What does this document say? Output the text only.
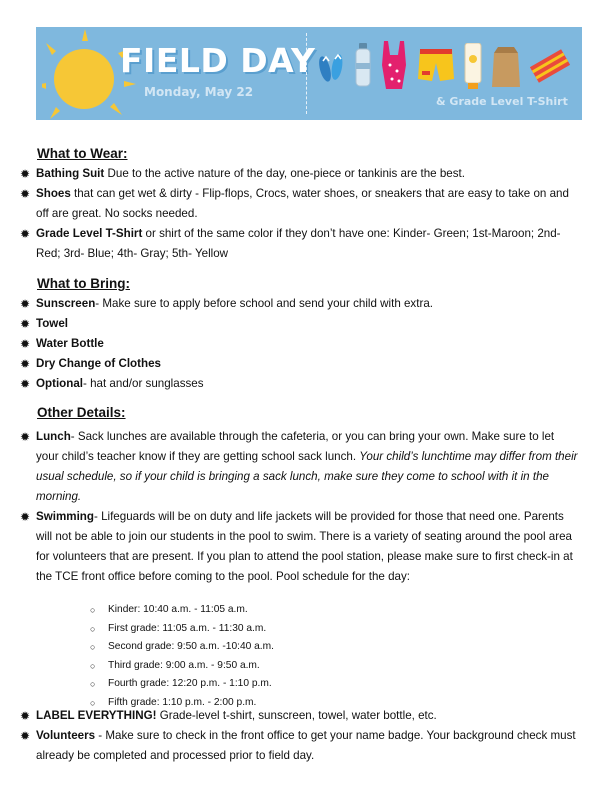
FIELD DAY
Monday, May 22
& Grade Level T-Shirt
What to Wear:
✹ Bathing Suit Due to the active nature of the day, one-piece or tankinis are the best.
✹ Shoes that can get wet & dirty - Flip-flops, Crocs, water shoes, or sneakers that are easy to take on and off are great. No socks needed.
✹ Grade Level T-Shirt or shirt of the same color if they don’t have one: Kinder- Green; 1st-Maroon; 2nd- Red; 3rd- Blue; 4th- Gray; 5th- Yellow
What to Bring:
✹ Sunscreen- Make sure to apply before school and send your child with extra.
✹ Towel
✹ Water Bottle
✹ Dry Change of Clothes
✹ Optional- hat and/or sunglasses
Other Details:
✹ Lunch- Sack lunches are available through the cafeteria, or you can bring your own. Make sure to let your child’s teacher know if they are getting school sack lunch. Your child’s lunchtime may differ from their usual schedule, so if your child is bringing a sack lunch, make sure they come to school with it in the morning.
✹ Swimming- Lifeguards will be on duty and life jackets will be provided for those that need one. Parents will not be able to join our students in the pool to swim. There is a variety of seating around the pool area for volunteers that are present. If you plan to attend the pool station, please make sure to first check-in at the TCE front office before coming to the pool. Pool schedule for the day:
○ Kinder: 10:40 a.m. - 11:05 a.m.
○ First grade: 11:05 a.m. - 11:30 a.m.
○ Second grade: 9:50 a.m. -10:40 a.m.
○ Third grade: 9:00 a.m. - 9:50 a.m.
○ Fourth grade: 12:20 p.m. - 1:10 p.m.
○ Fifth grade: 1:10 p.m. - 2:00 p.m.
✹ LABEL EVERYTHING! Grade-level t-shirt, sunscreen, towel, water bottle, etc.
✹ Volunteers - Make sure to check in the front office to get your name badge. Your background check must already be completed and processed prior to field day.
